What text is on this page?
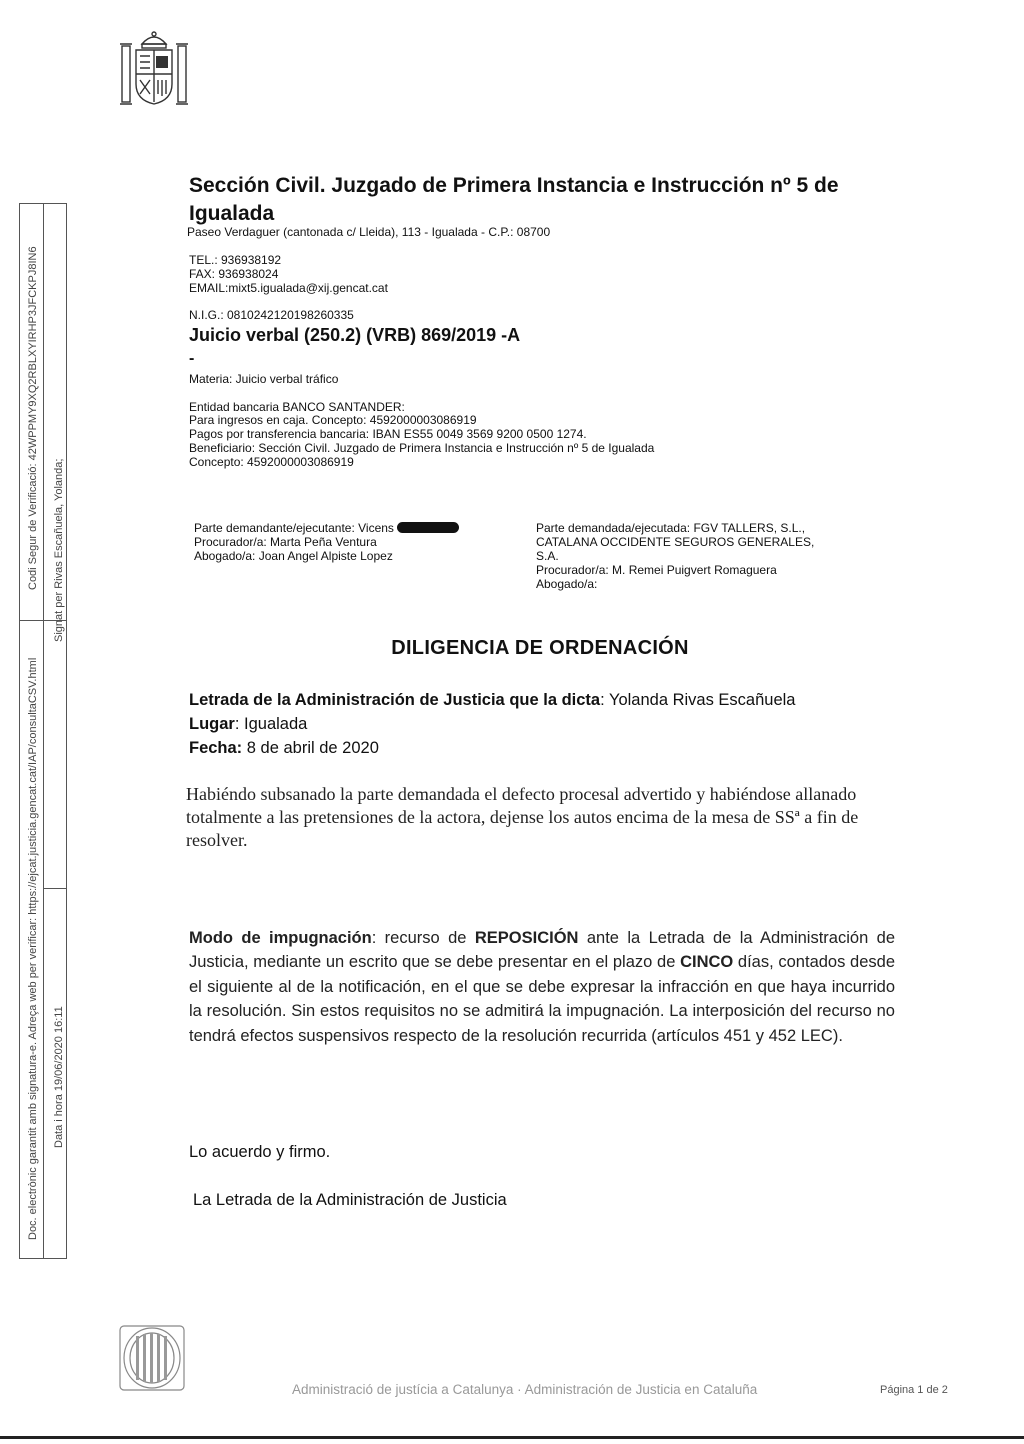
Sección Civil. Juzgado de Primera Instancia e Instrucción nº 5 de Igualada
Paseo Verdaguer (cantonada c/ Lleida), 113 - Igualada - C.P.: 08700
TEL.: 936938192
FAX: 936938024
EMAIL:mixt5.igualada@xij.gencat.cat
N.I.G.: 0810242120198260335
Juicio verbal (250.2) (VRB) 869/2019 -A
-
Materia: Juicio verbal tráfico
Entidad bancaria BANCO SANTANDER:
Para ingresos en caja. Concepto: 4592000003086919
Pagos por transferencia bancaria: IBAN ES55 0049 3569 9200 0500 1274.
Beneficiario: Sección Civil. Juzgado de Primera Instancia e Instrucción nº 5 de Igualada
Concepto: 4592000003086919
Parte demandante/ejecutante: Vicens
Procurador/a: Marta Peña Ventura
Abogado/a: Joan Angel Alpiste Lopez
Parte demandada/ejecutada: FGV TALLERS, S.L.,
CATALANA OCCIDENTE SEGUROS GENERALES,
S.A.
Procurador/a: M. Remei Puigvert Romaguera
Abogado/a:
DILIGENCIA DE ORDENACIÓN
Letrada de la Administración de Justicia que la dicta: Yolanda Rivas Escañuela
Lugar: Igualada
Fecha: 8 de abril de 2020
Habiéndo subsanado la parte demandada el defecto procesal advertido y habiéndose allanado totalmente a las pretensiones de la actora, dejense los autos encima de la mesa de SSª a fin de resolver.
Modo de impugnación: recurso de REPOSICIÓN ante la Letrada de la Administración de Justicia, mediante un escrito que se debe presentar en el plazo de CINCO días, contados desde el siguiente al de la notificación, en el que se debe expresar la infracción en que haya incurrido la resolución. Sin estos requisitos no se admitirá la impugnación. La interposición del recurso no tendrá efectos suspensivos respecto de la resolución recurrida (artículos 451 y 452 LEC).
Lo acuerdo y firmo.
La Letrada de la Administración de Justicia
Codi Segur de Verificació: 42WPPMY9XQ2RBLXYIRHP3JFCKPJ8IN6 Signat per Rivas Escañuela, Yolanda;
Doc. electrònic garantit amb signatura-e. Adreça web per verificar: https://ejcat.justicia.gencat.cat/IAP/consultaCSV.html Data i hora 19/06/2020 16:11
Administració de justícia a Catalunya · Administración de Justicia en Cataluña	Página 1 de 2
